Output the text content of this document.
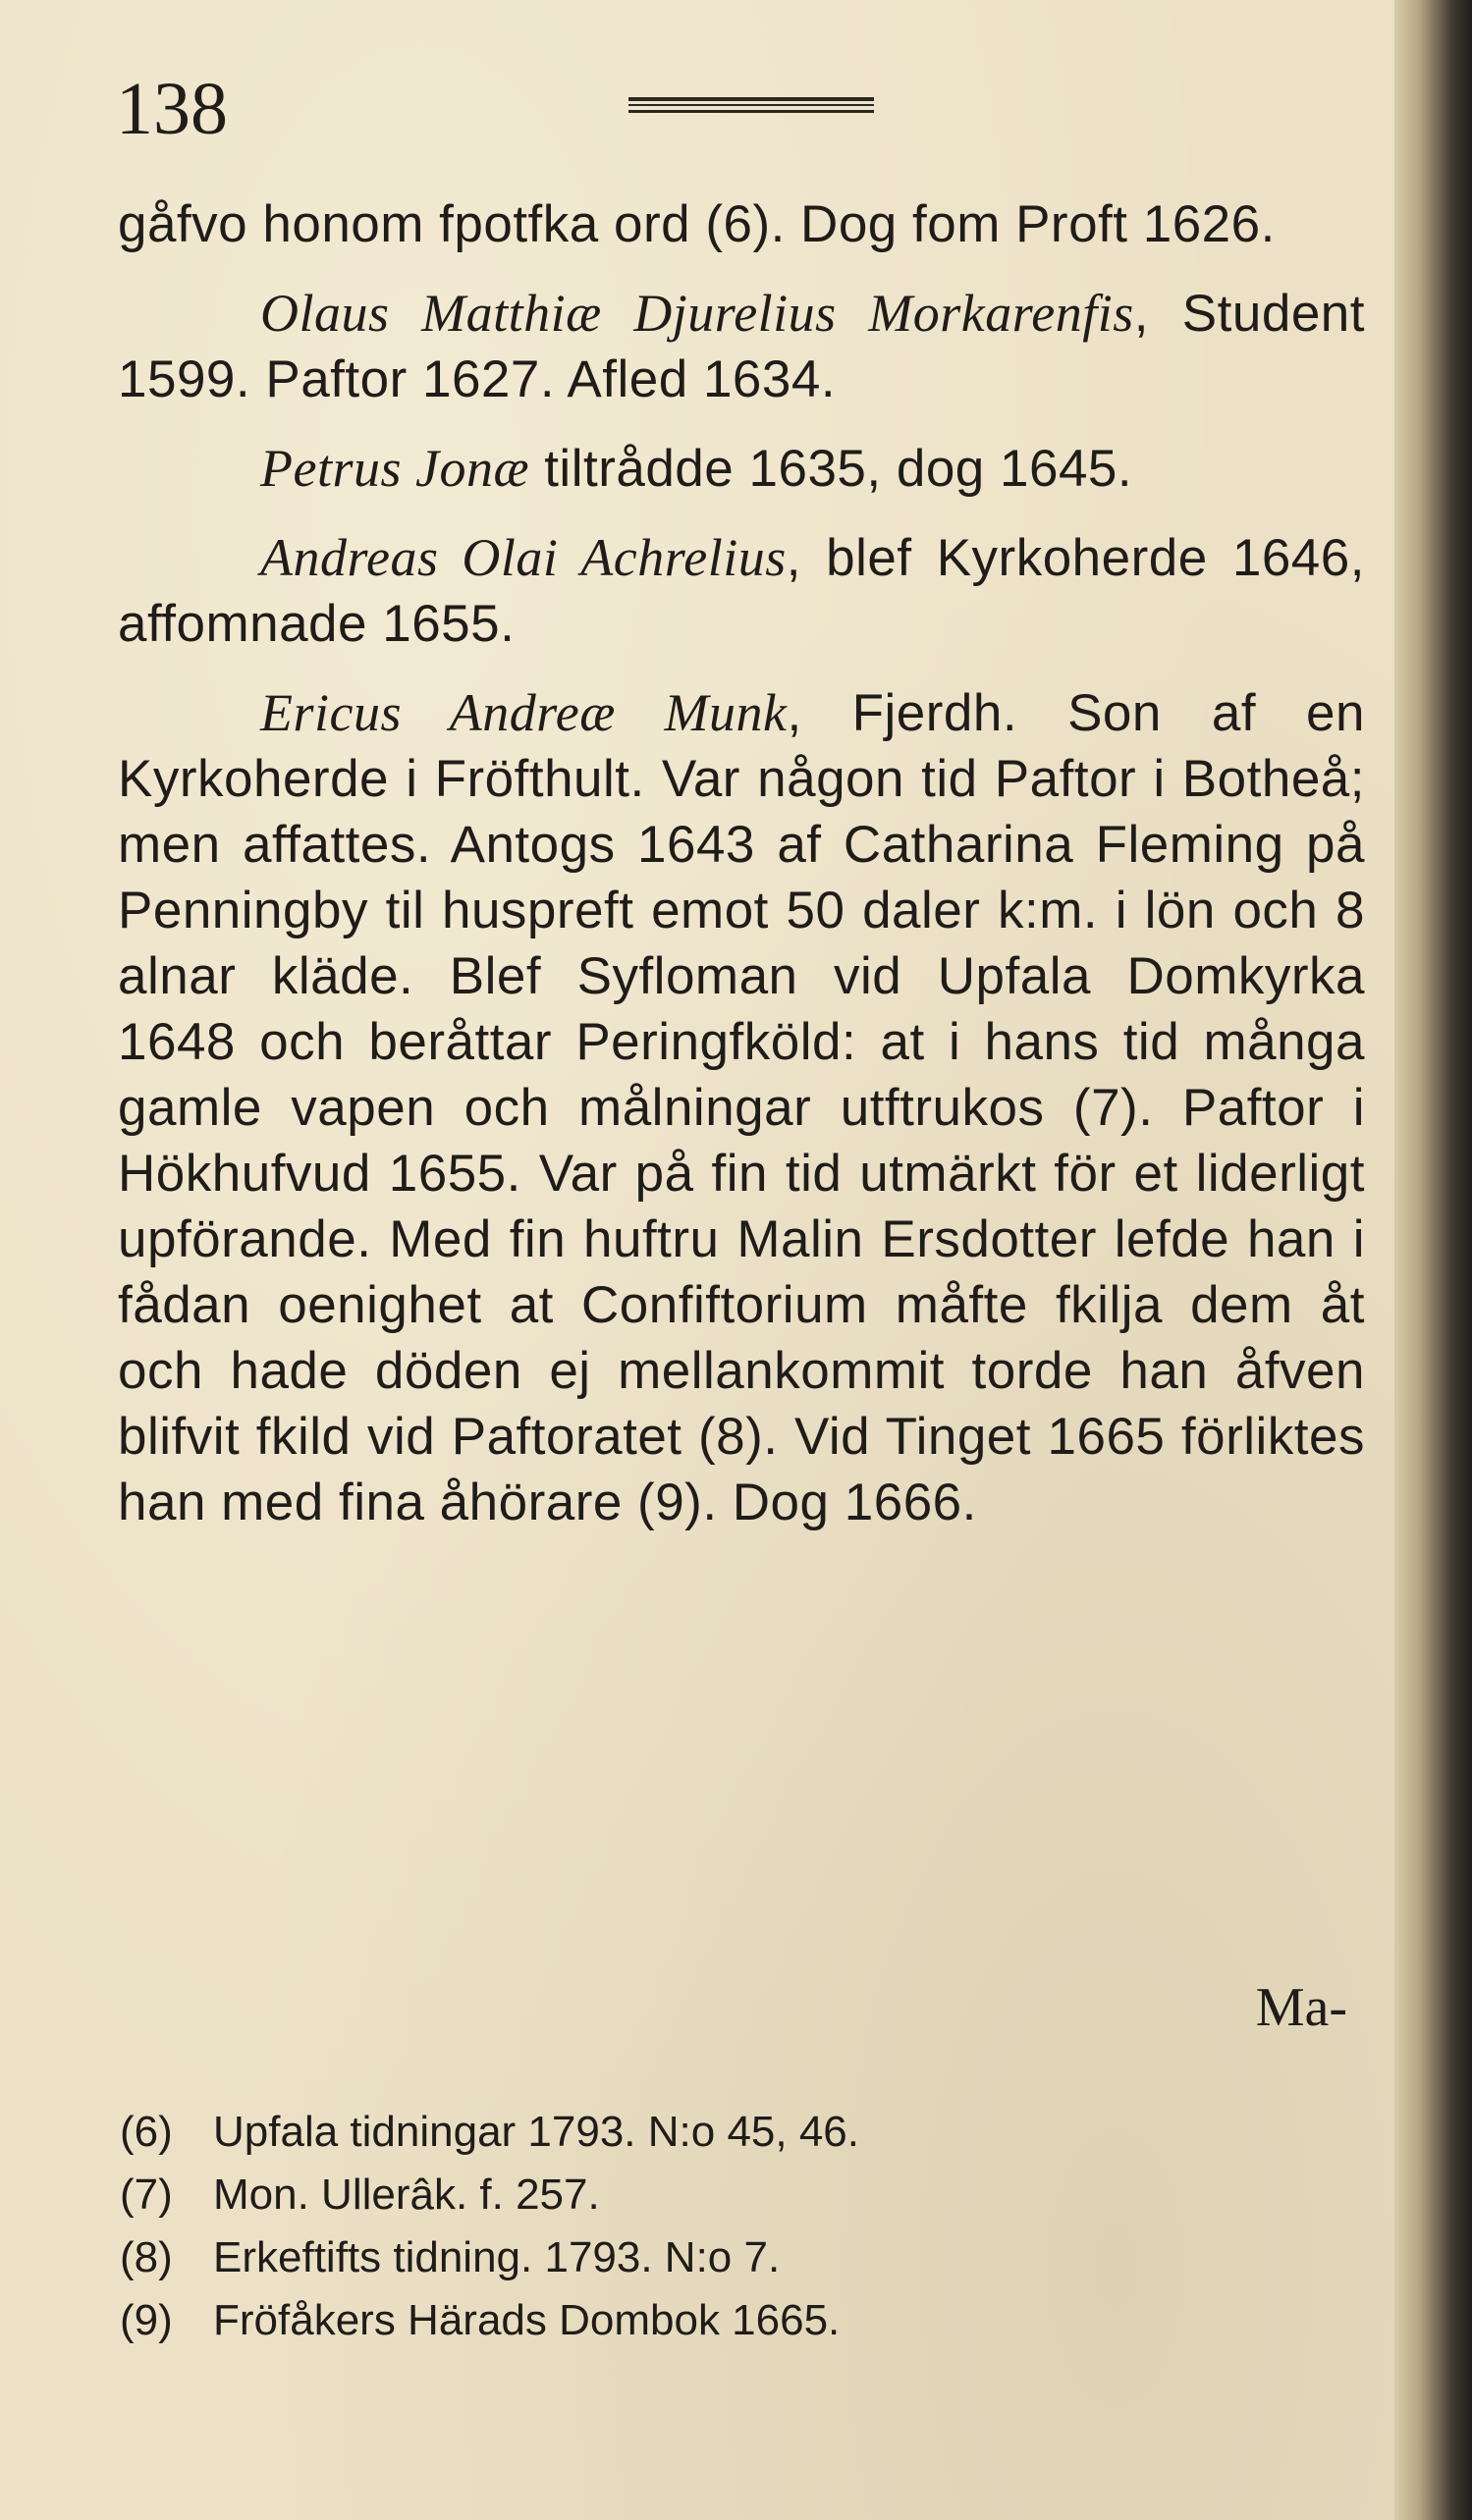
138

gåfvo honom fpotfka ord (6). Dog fom Proft 1626.

Olaus Matthiæ Djurelius Morkarenfis, Student 1599. Paftor 1627. Afled 1634.

Petrus Jonæ tiltrådde 1635, dog 1645.

Andreas Olai Achrelius, blef Kyrkoherde 1646, affomnade 1655.

Ericus Andreæ Munk, Fjerdh. Son af en Kyrkoherde i Fröfthult. Var någon tid Paftor i Botheå; men affattes. Antogs 1643 af Catharina Fleming på Penningby til huspreft emot 50 daler k:m. i lön och 8 alnar kläde. Blef Syfloman vid Upfala Domkyrka 1648 och beråttar Peringfköld: at i hans tid många gamle vapen och målningar utftrukos (7). Paftor i Hökhufvud 1655. Var på fin tid utmärkt för et liderligt upförande. Med fin huftru Malin Ersdotter lefde han i fådan oenighet at Confiftorium måfte fkilja dem åt och hade döden ej mellankommit torde han åfven blifvit fkild vid Paftoratet (8). Vid Tinget 1665 förliktes han med fina åhörare (9). Dog 1666.

Ma-

(6) Upfala tidningar 1793. N:o 45, 46.

(7) Mon. Ullerâk. f. 257.

(8) Erkeftifts tidning. 1793. N:o 7.

(9) Fröfåkers Härads Dombok 1665.
